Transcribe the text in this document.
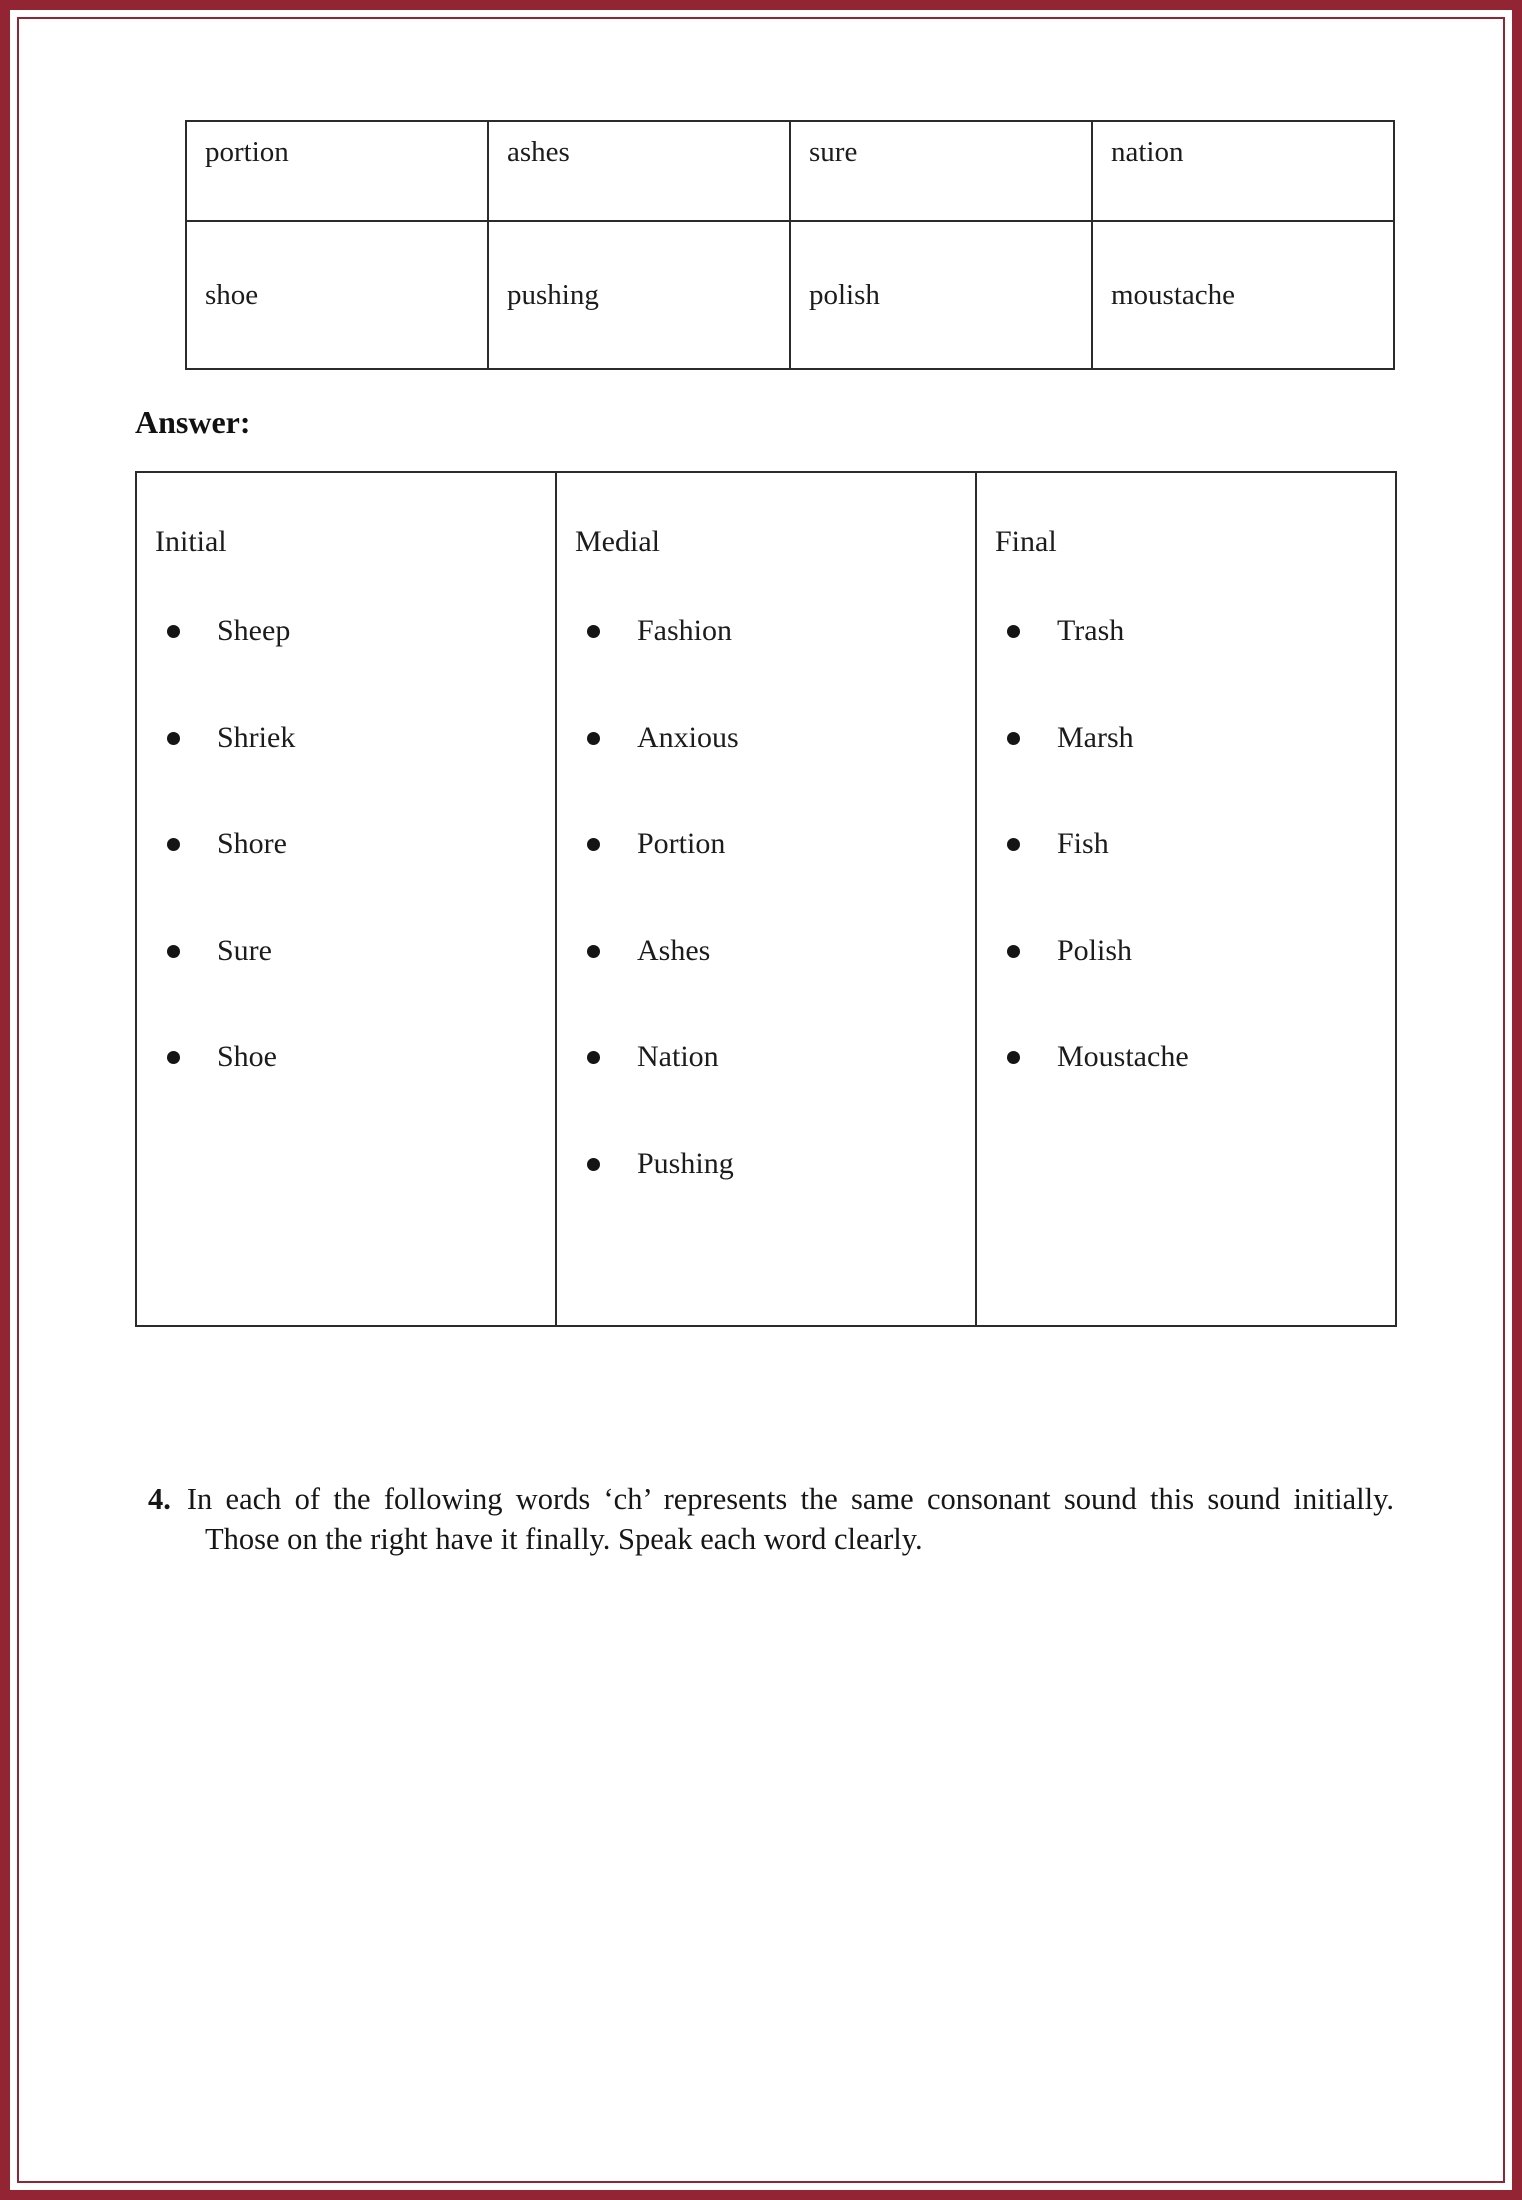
portion	ashes	sure	nation
shoe	pushing	polish	moustache
Answer:
Initial
Sheep
Shriek
Shore
Sure
Shoe
Medial
Fashion
Anxious
Portion
Ashes
Nation
Pushing
Final
Trash
Marsh
Fish
Polish
Moustache

4. In each of the following words ‘ch’ represents the same consonant sound this sound initially. Those on the right have it finally. Speak each word clearly.
